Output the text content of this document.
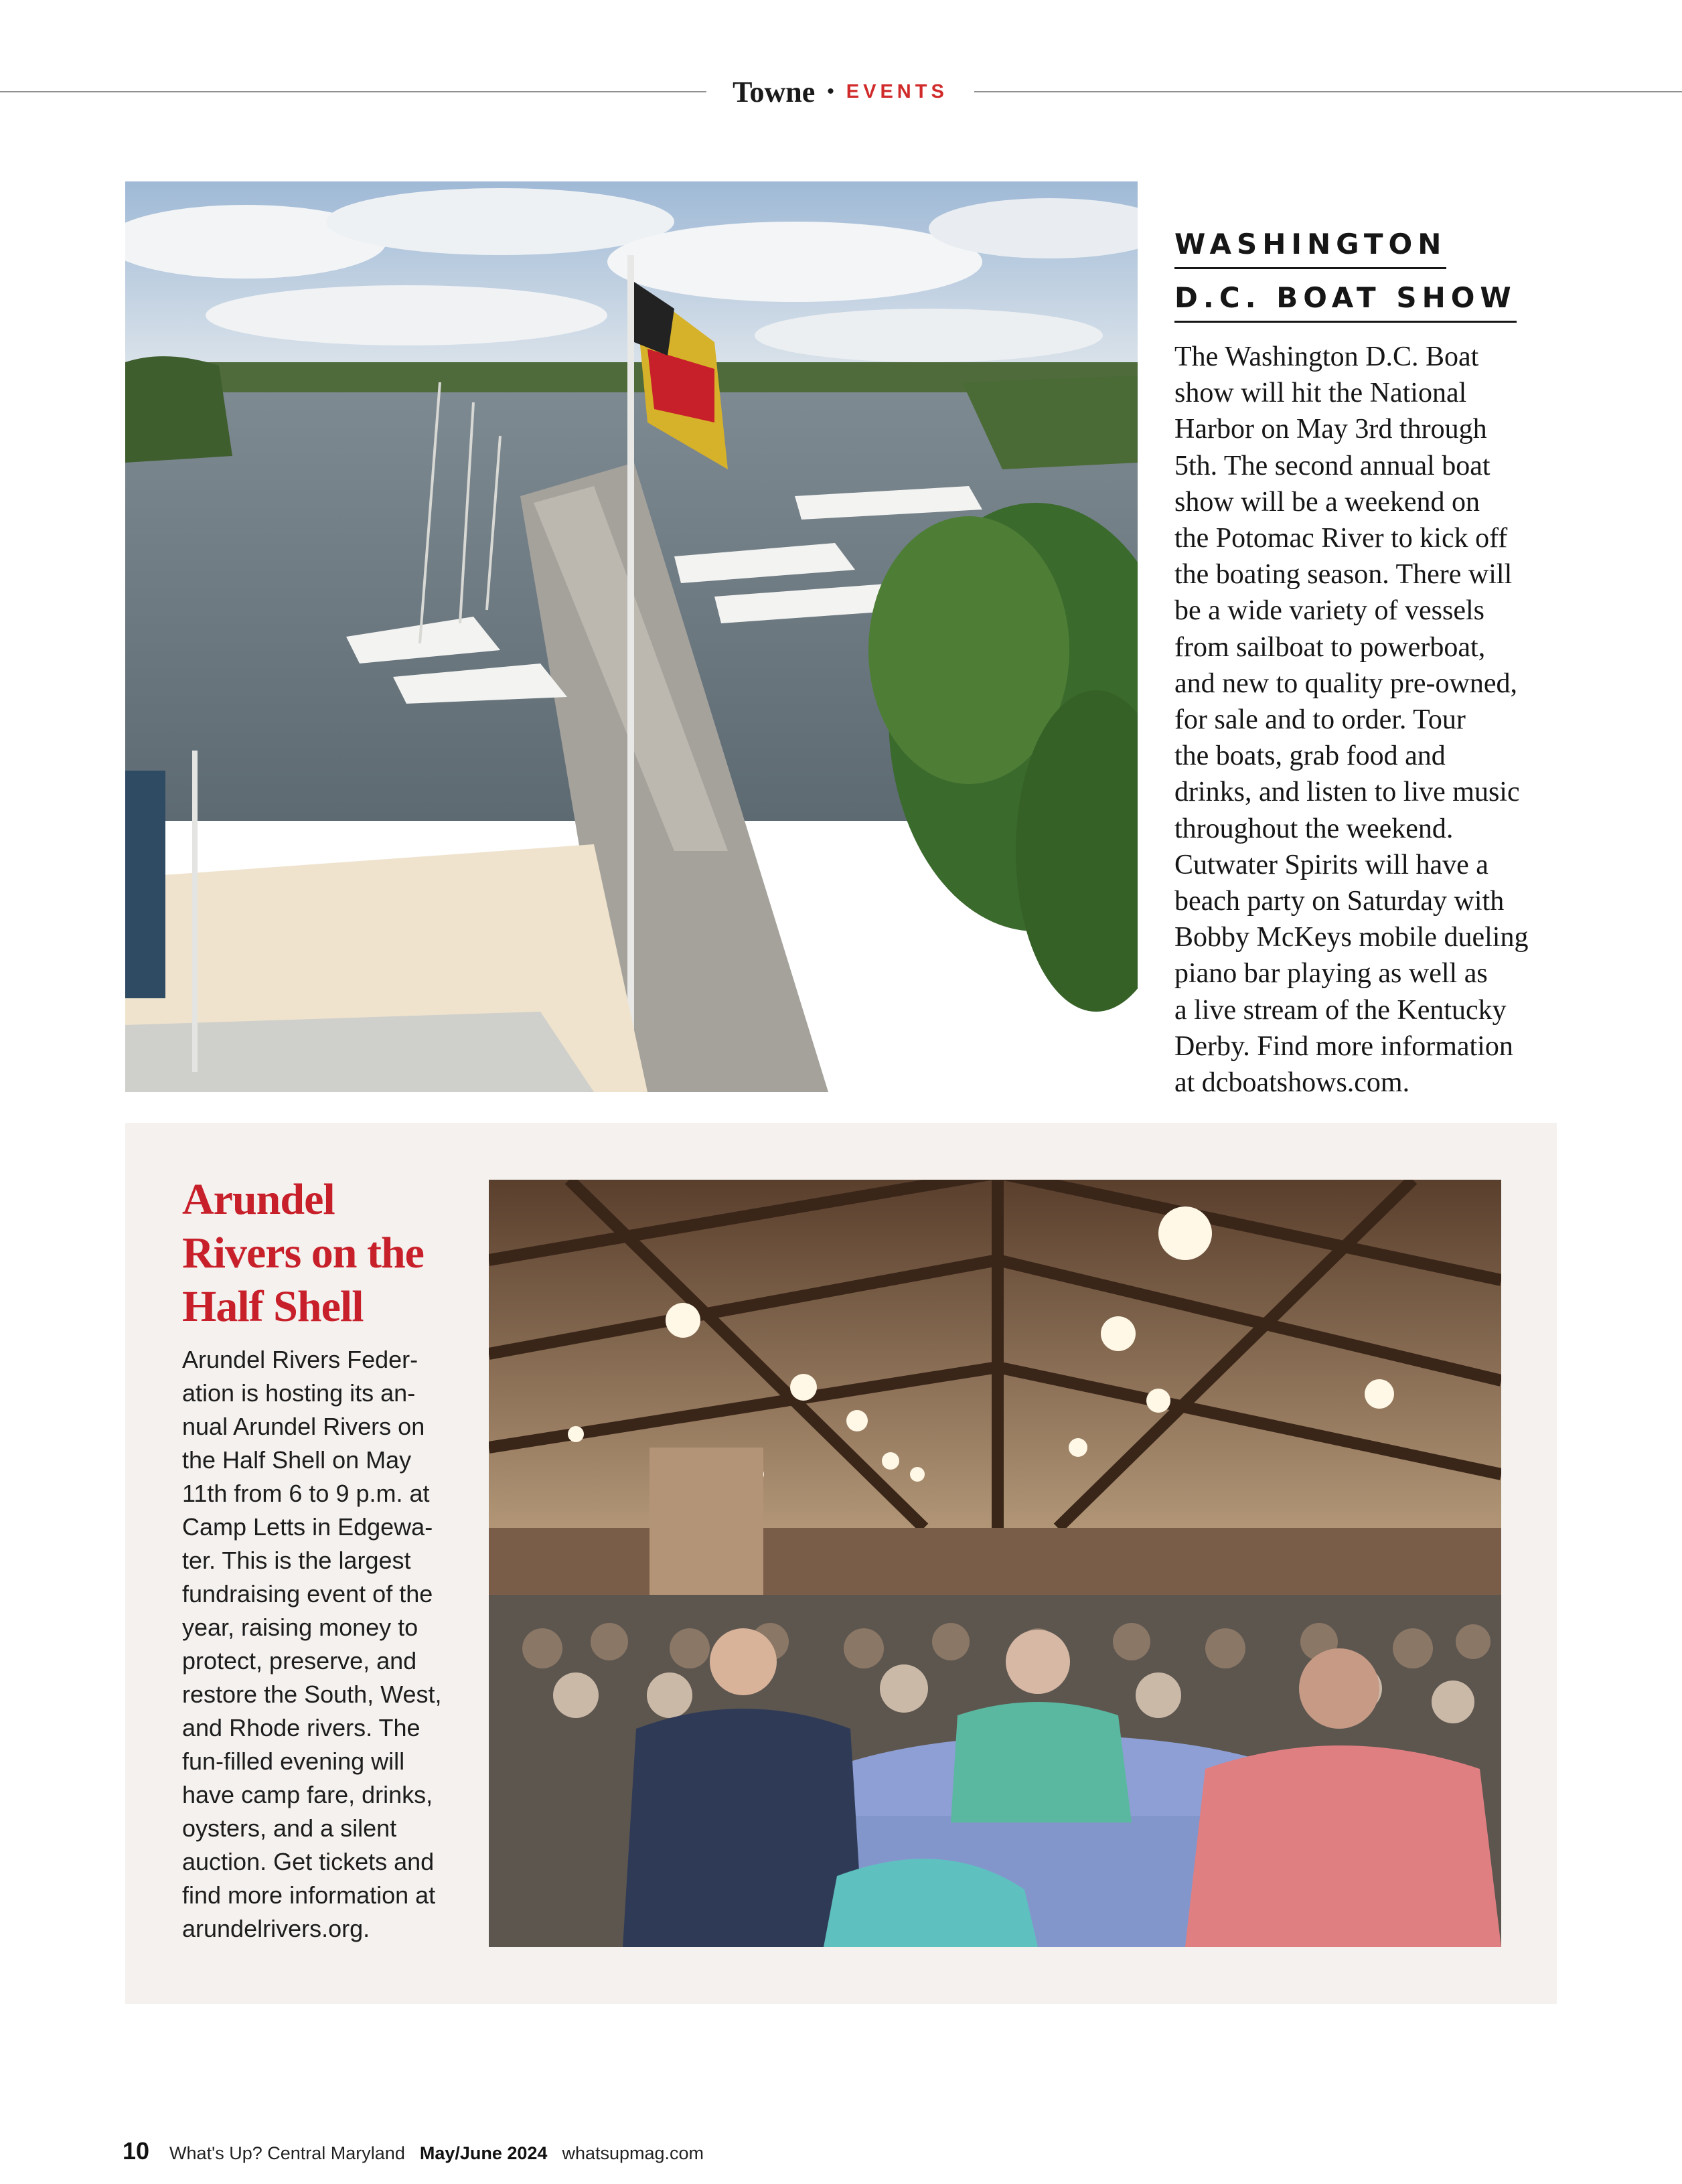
Towne • EVENTS
WASHINGTON
D.C. BOAT SHOW

The Washington D.C. Boat
show will hit the National
Harbor on May 3rd through
5th. The second annual boat
show will be a weekend on
the Potomac River to kick off
the boating season. There will
be a wide variety of vessels
from sailboat to powerboat,
and new to quality pre-owned,
for sale and to order. Tour
the boats, grab food and
drinks, and listen to live music
throughout the weekend.
Cutwater Spirits will have a
beach party on Saturday with
Bobby McKeys mobile dueling
piano bar playing as well as
a live stream of the Kentucky
Derby. Find more information
at dcboatshows.com.

Arundel
Rivers on the
Half Shell

Arundel Rivers Feder-
ation is hosting its an-
nual Arundel Rivers on
the Half Shell on May
11th from 6 to 9 p.m. at
Camp Letts in Edgewa-
ter. This is the largest
fundraising event of the
year, raising money to
protect, preserve, and
restore the South, West,
and Rhode rivers. The
fun-filled evening will
have camp fare, drinks,
oysters, and a silent
auction. Get tickets and
find more information at
arundelrivers.org.

10 What's Up? Central Maryland May/June 2024 whatsupmag.com
